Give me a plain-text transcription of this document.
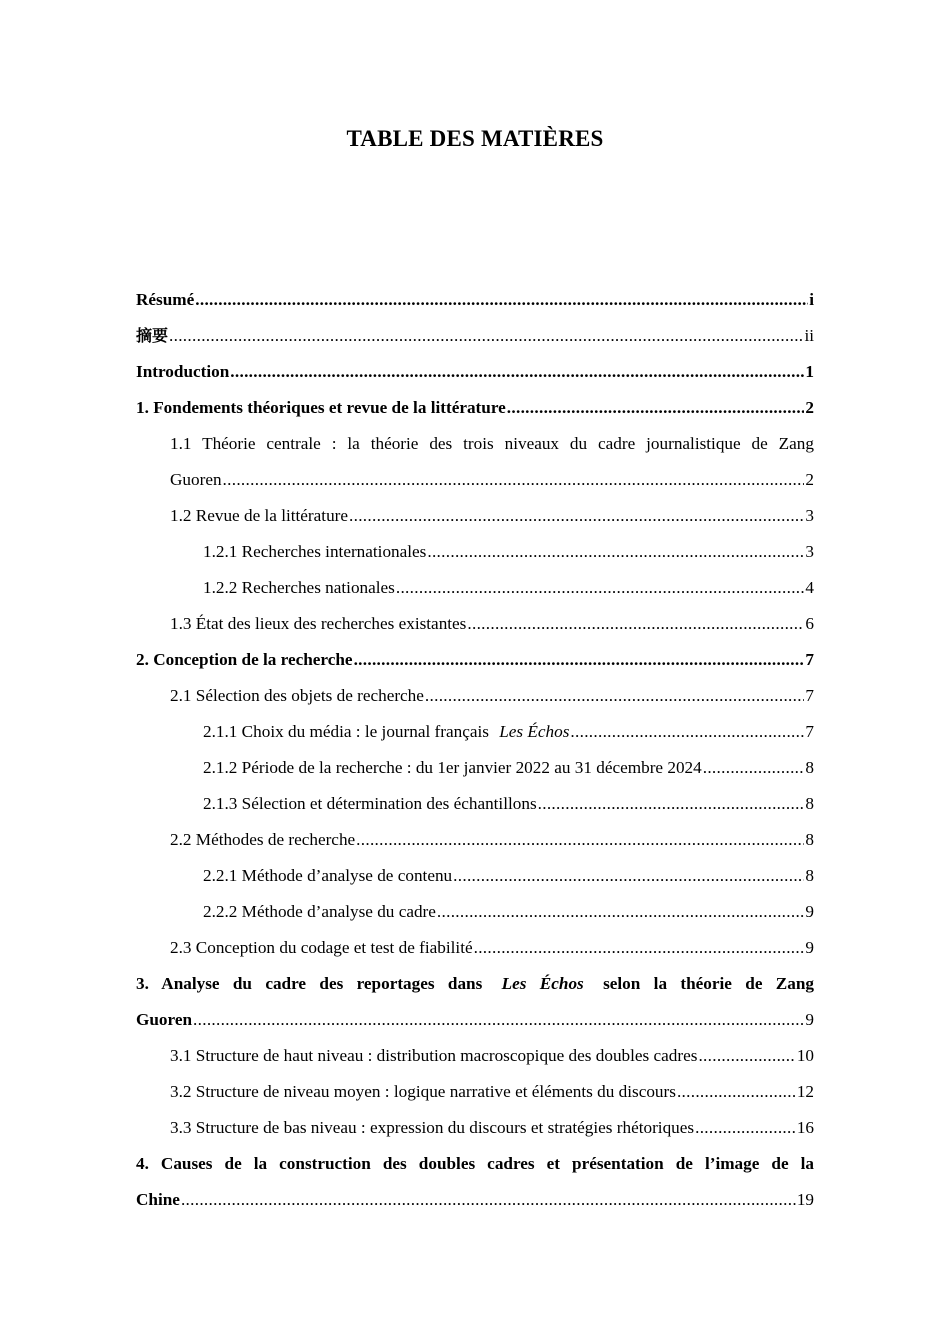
TABLE DES MATIÈRES
Résumé .....	i
摘要 .....	ii
Introduction .....	1
1. Fondements théoriques et revue de la littérature .....	2
1.1 Théorie centrale : la théorie des trois niveaux du cadre journalistique de Zang
Guoren .....	2
1.2 Revue de la littérature .....	3
1.2.1 Recherches internationales .....	3
1.2.2 Recherches nationales .....	4
1.3 État des lieux des recherches existantes .....	6
2. Conception de la recherche .....	7
2.1 Sélection des objets de recherche .....	7
2.1.1 Choix du média : le journal français Les Échos .....	7
2.1.2 Période de la recherche : du 1er janvier 2022 au 31 décembre 2024 .....	8
2.1.3 Sélection et détermination des échantillons .....	8
2.2 Méthodes de recherche .....	8
2.2.1 Méthode d’analyse de contenu .....	8
2.2.2 Méthode d’analyse du cadre .....	9
2.3 Conception du codage et test de fiabilité .....	9
3. Analyse du cadre des reportages dans Les Échos selon la théorie de Zang
Guoren .....	9
3.1 Structure de haut niveau : distribution macroscopique des doubles cadres .....	10
3.2 Structure de niveau moyen : logique narrative et éléments du discours .....	12
3.3 Structure de bas niveau : expression du discours et stratégies rhétoriques .....	16
4. Causes de la construction des doubles cadres et présentation de l’image de la
Chine .....	19
